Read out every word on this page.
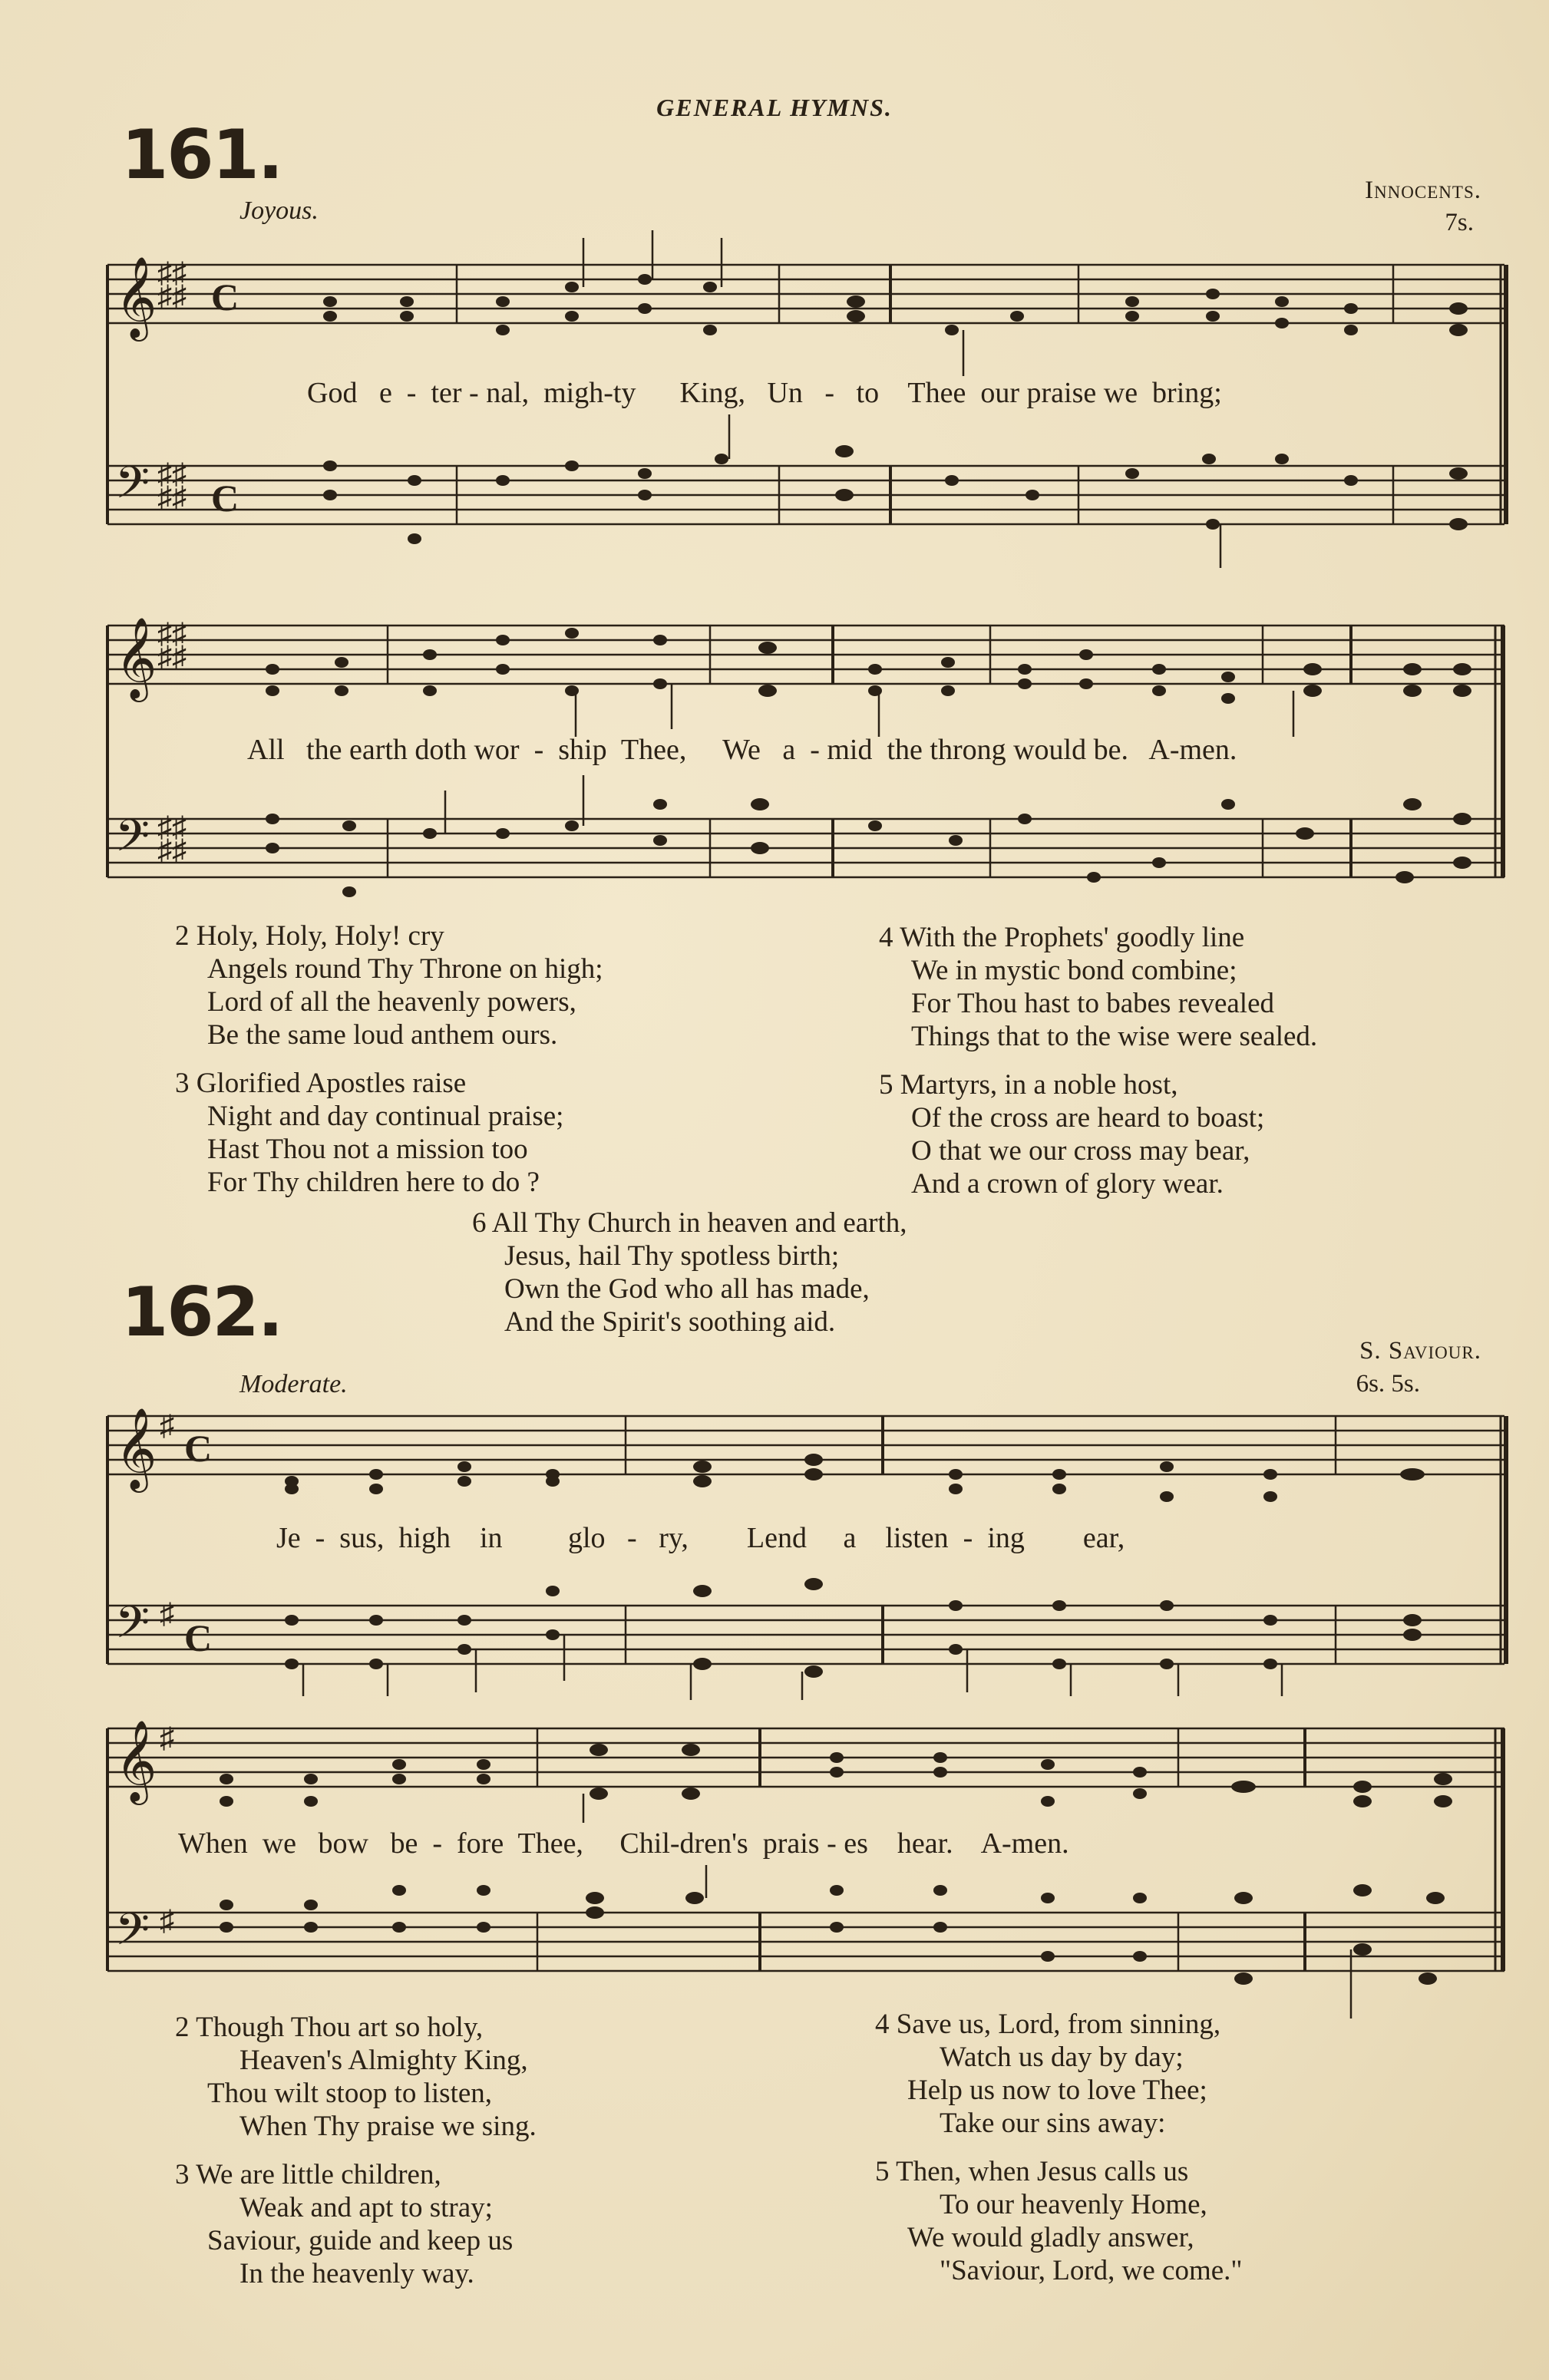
GENERAL HYMNS.
161.
Joyous.
Innocents.
7s.
𝄞
𝄢
♯♯
♯♯
♯♯
♯♯
C
C
God   e  -  ter - nal,  migh-ty      King,   Un   -   to    Thee  our praise we  bring;
𝄞
𝄢
♯♯
♯♯
♯♯
♯♯
All   the earth doth wor  -  ship  Thee,     We   a  - mid  the throng would be.   A-men.
2 Holy, Holy, Holy! cry
Angels round Thy Throne on high;
Lord of all the heavenly powers,
Be the same loud anthem ours.
3 Glorified Apostles raise
Night and day continual praise;
Hast Thou not a mission too
For Thy children here to do ?
4 With the Prophets' goodly line
We in mystic bond combine;
For Thou hast to babes revealed
Things that to the wise were sealed.
5 Martyrs, in a noble host,
Of the cross are heard to boast;
O that we our cross may bear,
And a crown of glory wear.
6 All Thy Church in heaven and earth,
Jesus, hail Thy spotless birth;
Own the God who all has made,
And the Spirit's soothing aid.
162.
Moderate.
S. Saviour.
6s. 5s.
𝄞
𝄢
♯
♯
C
C
Je  -  sus,  high    in         glo   -   ry,        Lend     a    listen  -  ing        ear,
𝄞
𝄢
♯
♯
When  we   bow   be  -  fore  Thee,     Chil-dren's  prais - es    hear.    A-men.
2 Though Thou art so holy,
Heaven's Almighty King,
Thou wilt stoop to listen,
When Thy praise we sing.
3 We are little children,
Weak and apt to stray;
Saviour, guide and keep us
In the heavenly way.
4 Save us, Lord, from sinning,
Watch us day by day;
Help us now to love Thee;
Take our sins away:
5 Then, when Jesus calls us
To our heavenly Home,
We would gladly answer,
"Saviour, Lord, we come."
